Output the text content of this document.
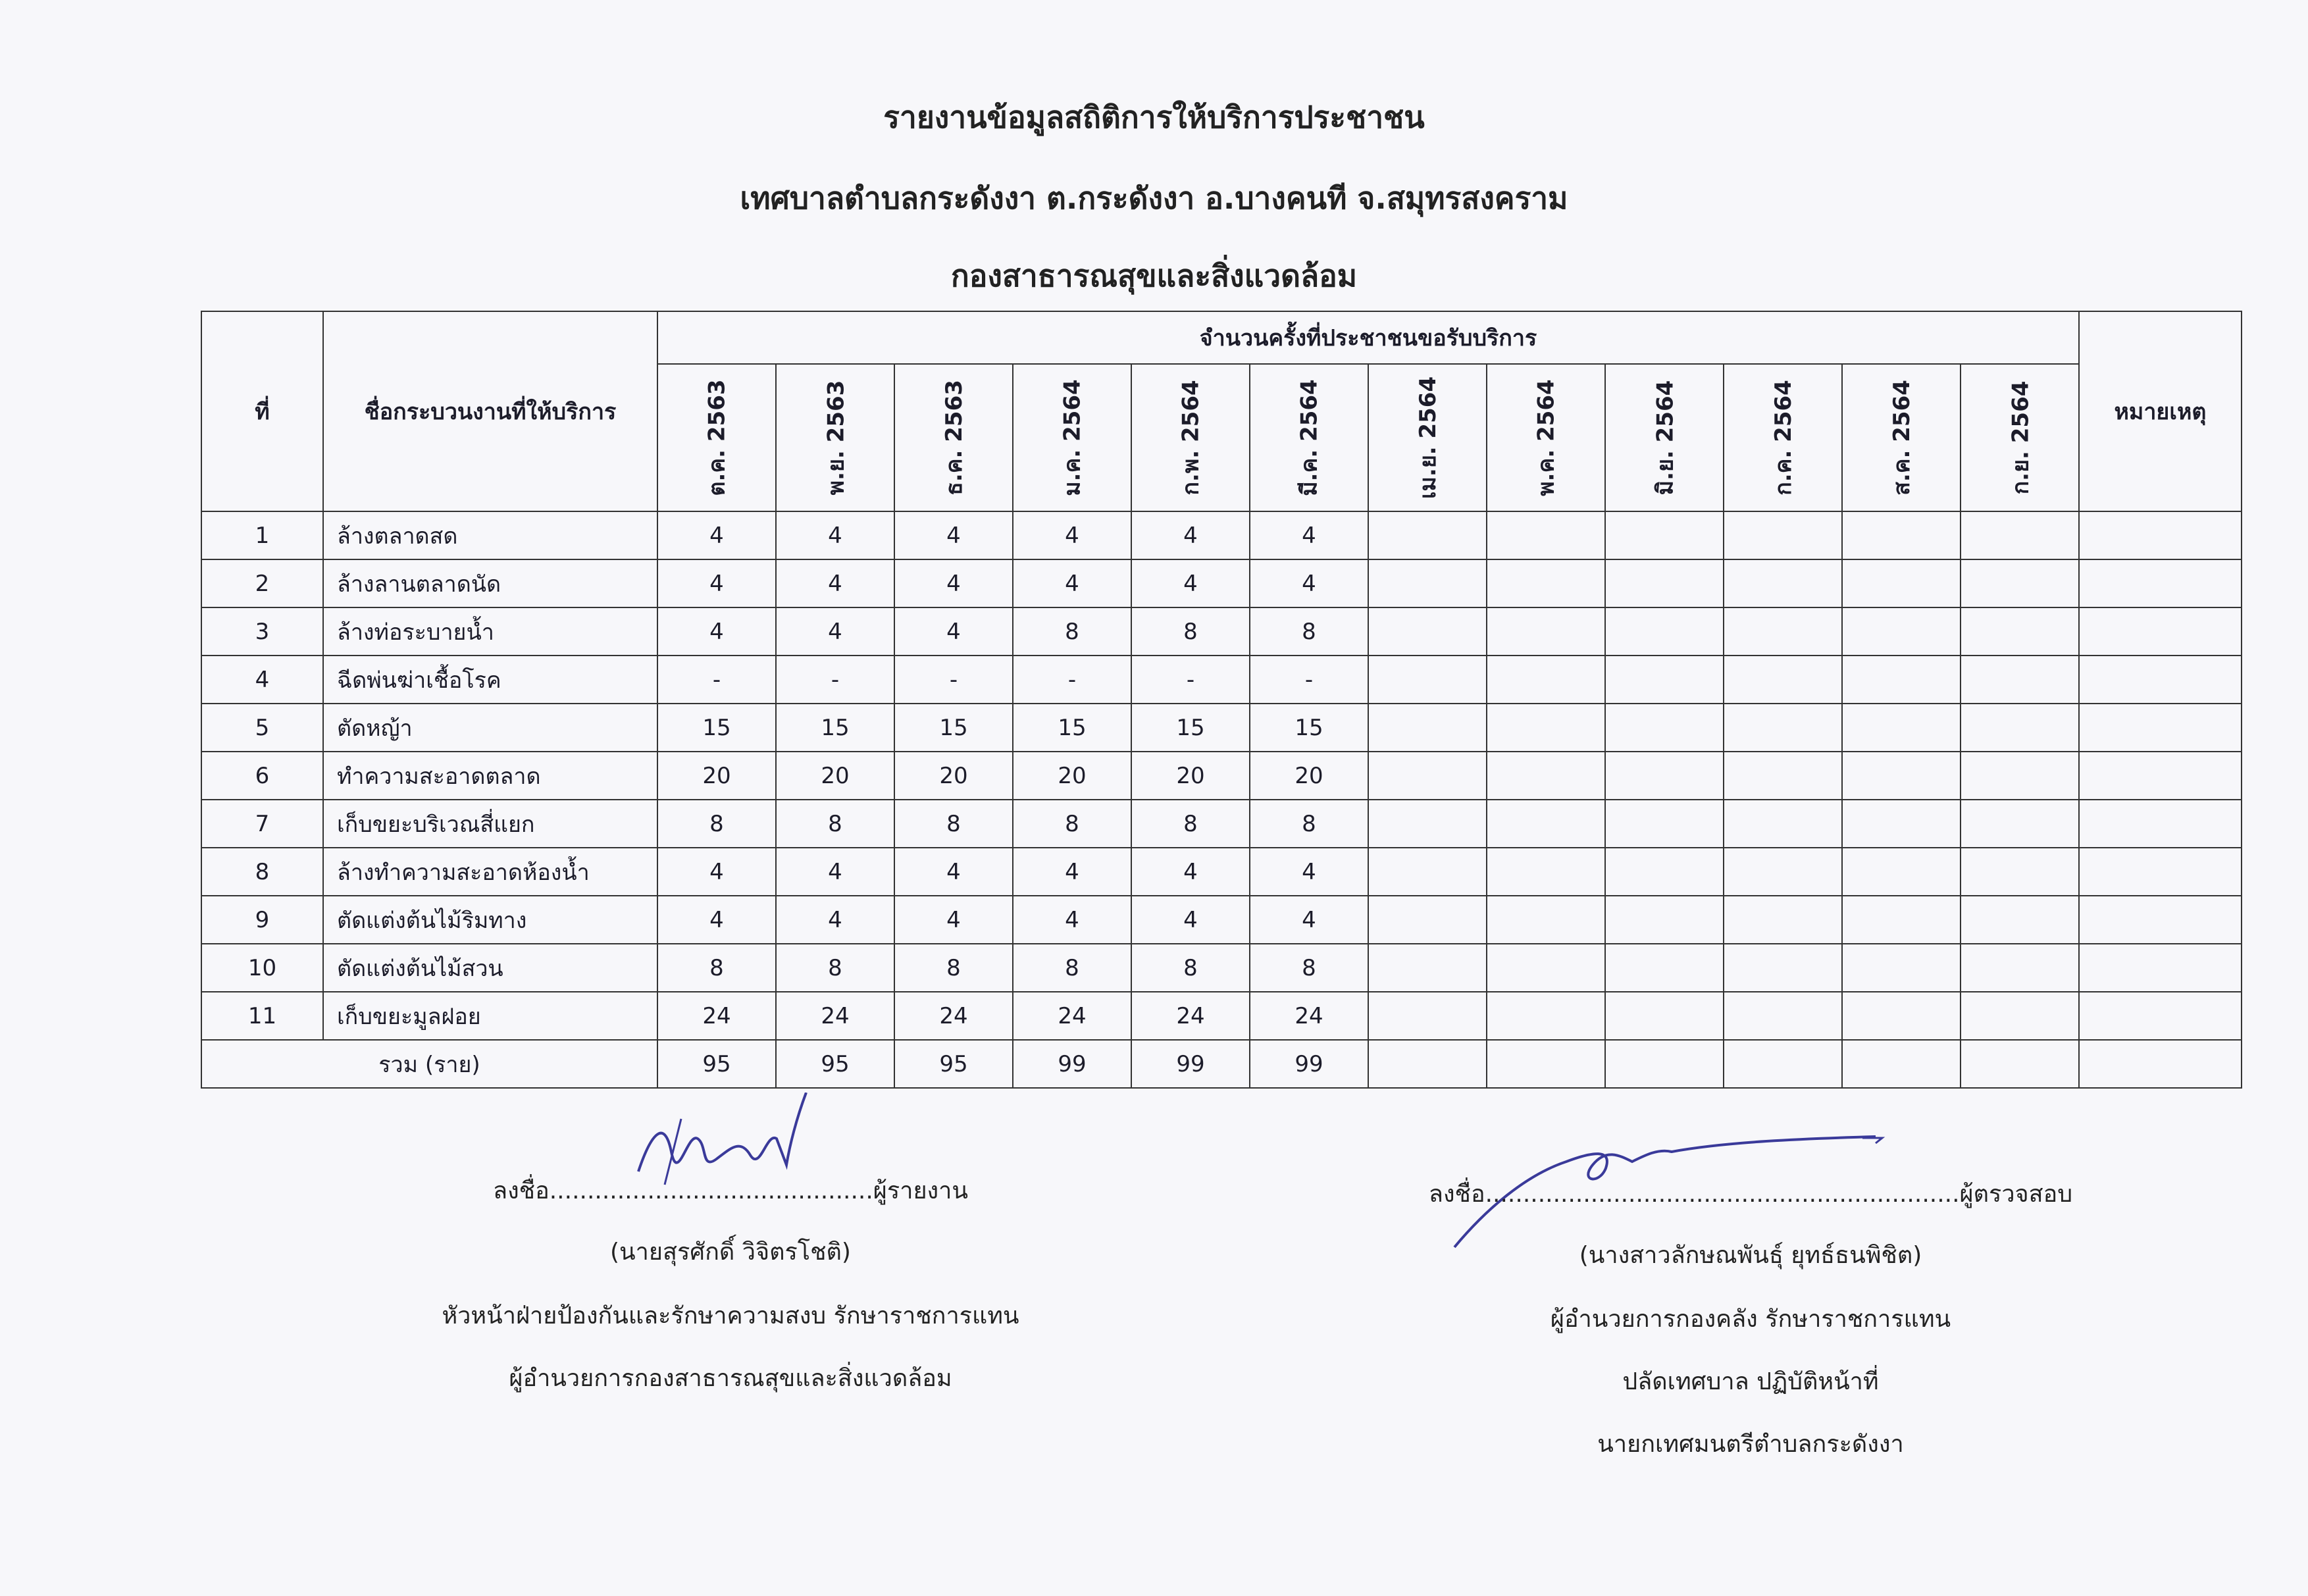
รายงานข้อมูลสถิติการให้บริการประชาชน
เทศบาลตำบลกระดังงา ต.กระดังงา อ.บางคนที จ.สมุทรสงคราม
กองสาธารณสุขและสิ่งแวดล้อม
ที่	ชื่อกระบวนงานที่ให้บริการ	จำนวนครั้งที่ประชาชนขอรับบริการ												หมายเหตุ

		ต.ค. 2563	พ.ย. 2563	ธ.ค. 2563	ม.ค. 2564	ก.พ. 2564	มี.ค. 2564	เม.ย. 2564	พ.ค. 2564	มิ.ย. 2564	ก.ค. 2564	ส.ค. 2564	ก.ย. 2564	

1	ล้างตลาดสด	4	4	4	4	4	4							
2	ล้างลานตลาดนัด	4	4	4	4	4	4							
3	ล้างท่อระบายน้ำ	4	4	4	8	8	8							
4	ฉีดพ่นฆ่าเชื้อโรค	-	-	-	-	-	-							
5	ตัดหญ้า	15	15	15	15	15	15							
6	ทำความสะอาดตลาด	20	20	20	20	20	20							
7	เก็บขยะบริเวณสี่แยก	8	8	8	8	8	8							
8	ล้างทำความสะอาดห้องน้ำ	4	4	4	4	4	4							
9	ตัดแต่งต้นไม้ริมทาง	4	4	4	4	4	4							
10	ตัดแต่งต้นไม้สวน	8	8	8	8	8	8							
11	เก็บขยะมูลฝอย	24	24	24	24	24	24							
รวม (ราย)		95	95	95	99	99	99							
ลงชื่อ...........................................ผู้รายงาน
(นายสุรศักดิ์ วิจิตรโชติ)
หัวหน้าฝ่ายป้องกันและรักษาความสงบ รักษาราชการแทน
ผู้อำนวยการกองสาธารณสุขและสิ่งแวดล้อม
ลงชื่อ...............................................................ผู้ตรวจสอบ
(นางสาวลักษณพันธุ์ ยุทธ์ธนพิชิต)
ผู้อำนวยการกองคลัง รักษาราชการแทน
ปลัดเทศบาล ปฏิบัติหน้าที่
นายกเทศมนตรีตำบลกระดังงา
